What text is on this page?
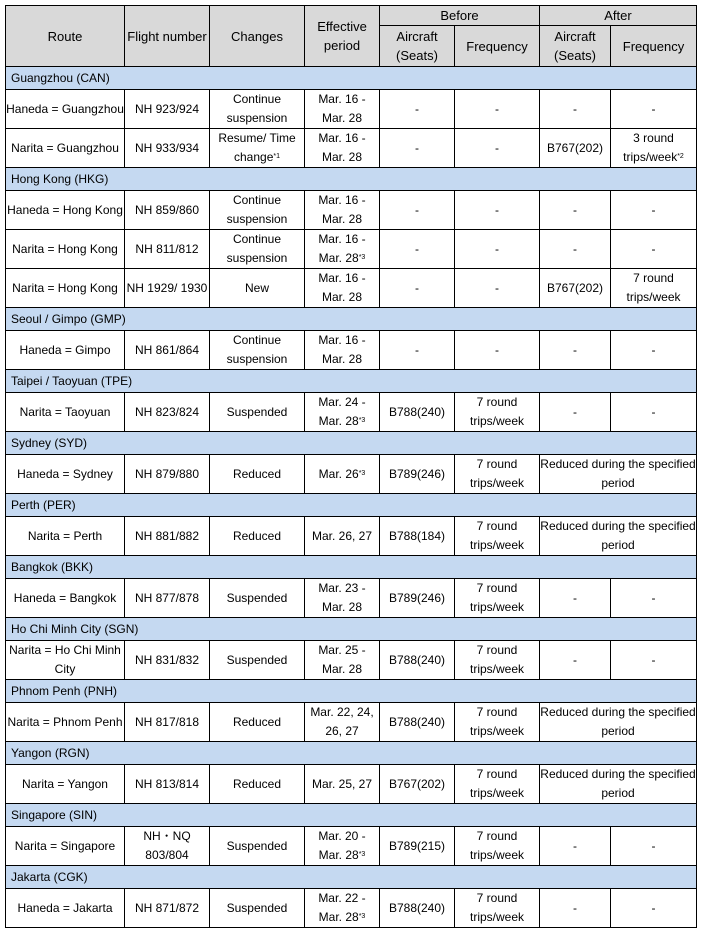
Route	Flight number	Changes	Effective period	Before		After	
				Aircraft (Seats)	Frequency	Aircraft (Seats)	Frequency
Guangzhou (CAN)							
Haneda = Guangzhou	NH 923/924	Continue suspension	Mar. 16 - Mar. 28	-	-	-	-
Narita = Guangzhou	NH 933/934	Resume/ Time change$^{*1}$	Mar. 16 - Mar. 28	-	-	B767(202)	3 round trips/week$^{*2}$
Hong Kong (HKG)							
Haneda = Hong Kong	NH 859/860	Continue suspension	Mar. 16 - Mar. 28	-	-	-	-
Narita = Hong Kong	NH 811/812	Continue suspension	Mar. 16 - Mar. 28$^{*3}$	-	-	-	-
Narita = Hong Kong	NH 1929/ 1930	New	Mar. 16 - Mar. 28	-	-	B767(202)	7 round trips/week
Seoul / Gimpo (GMP)							
Haneda = Gimpo	NH 861/864	Continue suspension	Mar. 16 - Mar. 28	-	-	-	-
Taipei / Taoyuan (TPE)							
Narita = Taoyuan	NH 823/824	Suspended	Mar. 24 - Mar. 28$^{*3}$	B788(240)	7 round trips/week	-	-
Sydney (SYD)							
Haneda = Sydney	NH 879/880	Reduced	Mar. 26$^{*3}$	B789(246)	7 round trips/week	Reduced during the specified period	
Perth (PER)							
Narita = Perth	NH 881/882	Reduced	Mar. 26, 27	B788(184)	7 round trips/week	Reduced during the specified period	
Bangkok (BKK)							
Haneda = Bangkok	NH 877/878	Suspended	Mar. 23 - Mar. 28	B789(246)	7 round trips/week	-	-
Ho Chi Minh City (SGN)							
Narita = Ho Chi Minh City	NH 831/832	Suspended	Mar. 25 - Mar. 28	B788(240)	7 round trips/week	-	-
Phnom Penh (PNH)							
Narita = Phnom Penh	NH 817/818	Reduced	Mar. 22, 24, 26, 27	B788(240)	7 round trips/week	Reduced during the specified period	
Yangon (RGN)							
Narita = Yangon	NH 813/814	Reduced	Mar. 25, 27	B767(202)	7 round trips/week	Reduced during the specified period	
Singapore (SIN)							
Narita = Singapore	NH・NQ 803/804	Suspended	Mar. 20 - Mar. 28$^{*3}$	B789(215)	7 round trips/week	-	-
Jakarta (CGK)							
Haneda = Jakarta	NH 871/872	Suspended	Mar. 22 - Mar. 28$^{*3}$	B788(240)	7 round trips/week	-	-
